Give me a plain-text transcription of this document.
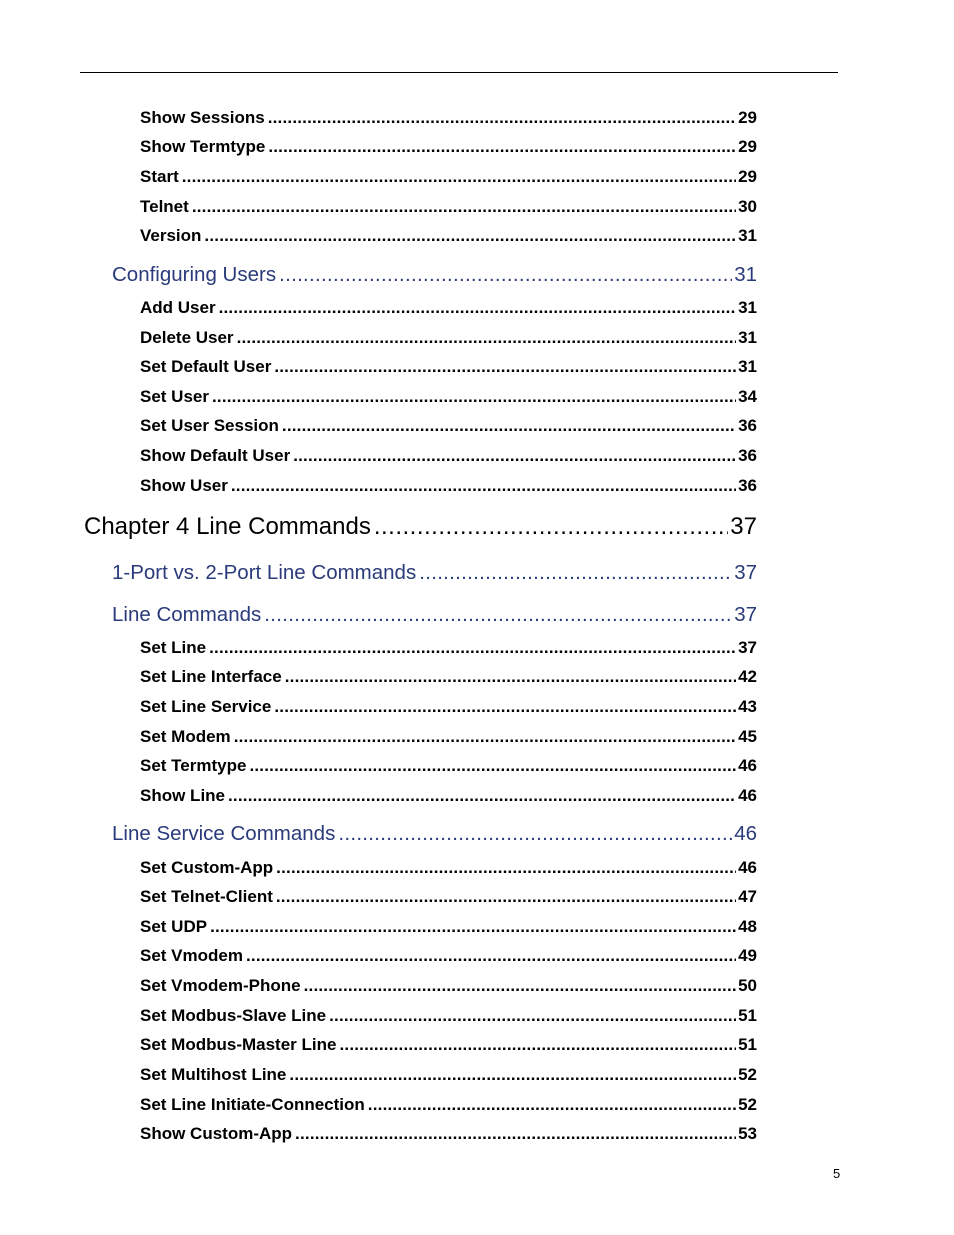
Show Sessions .....	29
Show Termtype .....	29
Start .....	29
Telnet .....	30
Version .....	31
Configuring Users .....	31
Add User .....	31
Delete User .....	31
Set Default User .....	31
Set User .....	34
Set User Session .....	36
Show Default User .....	36
Show User .....	36
Chapter 4 Line Commands .....	37
1-Port vs. 2-Port Line Commands .....	37
Line Commands .....	37
Set Line .....	37
Set Line Interface .....	42
Set Line Service .....	43
Set Modem .....	45
Set Termtype .....	46
Show Line .....	46
Line Service Commands .....	46
Set Custom-App .....	46
Set Telnet-Client .....	47
Set UDP .....	48
Set Vmodem .....	49
Set Vmodem-Phone .....	50
Set Modbus-Slave Line .....	51
Set Modbus-Master Line .....	51
Set Multihost Line .....	52
Set Line Initiate-Connection .....	52
Show Custom-App .....	53
5
